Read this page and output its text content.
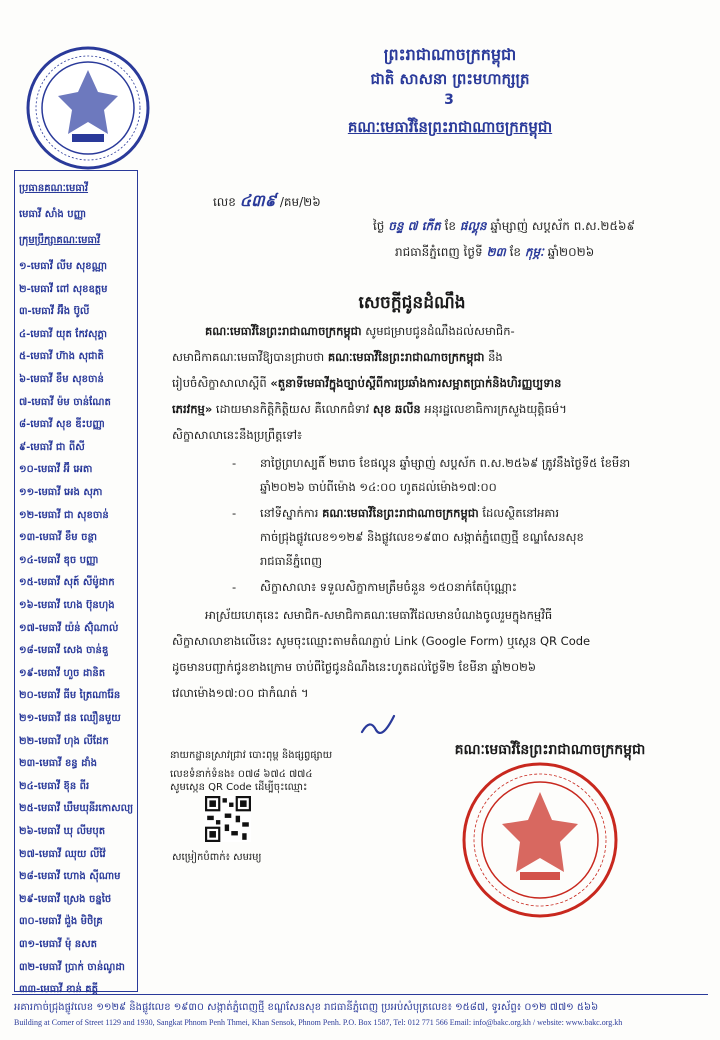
ព្រះរាជាណាចក្រកម្ពុជា
ជាតិ សាសនា ព្រះមហាក្សត្រ
3
គណៈមេធាវីនៃព្រះរាជាណាចក្រកម្ពុជា
ប្រធានគណៈមេធាវី
មេធាវី សាំង បញ្ញា
ក្រុមប្រឹក្សាគណៈមេធាវី
១-មេធាវី លីម សុខណ្ណា
២-មេធាវី ពៅ សុខឧត្តម
៣-មេធាវី អ៊ឹង ប៊ូលី
៤-មេធាវី យុត កែវសុភ្គា
៥-មេធាវី ហ៊ាង សុជាតិ
៦-មេធាវី ខឹម សុខចាន់
៧-មេធាវី ម៉ម ចាន់ណែត
៨-មេធាវី សុខ ឌីះបញ្ញា
៩-មេធាវី ជា ពីសី
១០-មេធាវី អ៊ី អេតា
១១-មេធាវី អេង សុភា
១២-មេធាវី ជា សុខចាន់
១៣-មេធាវី ខឹម ចន្ថា
១៤-មេធាវី ឌុច បញ្ញា
១៥-មេធាវី សុត៍ សីម៉ូដាក
១៦-មេធាវី ហេង ប៊ុនហុង
១៧-មេធាវី យ៉ន់ ស៊ុំណាល់
១៨-មេធាវី សេង ចាន់ឌួ
១៩-មេធាវី ហួច ដានិត
២០-មេធាវី ធីម ត្រៃណារ៉ែន
២១-មេធាវី ផន ឈឿនមួយ
២២-មេធាវី ហុង លីដែក
២៣-មេធាវី ខន្ធ ដាំង
២៤-មេធាវី ខ៊ុន ពីរ
២៥-មេធាវី ឃឹមឃុនីរកោសល្យ
២៦-មេធាវី ឃុ លីមបុត
២៧-មេធាវី ឈុយ លីវ៉ៃ
២៨-មេធាវី ហោង ស៊ីណាម
២៩-មេធាវី ស្រេង ចន្នថៃ
៣០-មេធាវី ជ៉ួង មិថិគ្រ
៣១-មេធាវី ម៉ុ នសត
៣២-មេធាវី ប្រាក់ ចាន់ណូដា
៣៣-មេធាវី ខាន់ គត្ដី
លេខ ៤៣៩ /គម/២៦
ថ្ងៃ ចន្ទ ៧ កើត ខែ ផល្គុន ឆ្នាំម្សាញ់ សប្តស័ក ព.ស.២៥៦៩
រាជធានីភ្នំពេញ ថ្ងៃទី ២៣ ខែ កុម្ភៈ ឆ្នាំ២០២៦
សេចក្ដីជូនដំណឹង
គណៈមេធាវីនៃព្រះរាជាណាចក្រកម្ពុជា សូមជម្រាបជូនដំណឹងដល់សមាជិក-
សមាជិកាគណៈមេធាវីឱ្យបានជ្រាបថា គណៈមេធាវីនៃព្រះរាជាណាចក្រកម្ពុជា នឹង
រៀបចំសិក្ខាសាលាស្ដីពី «តួនាទីមេធាវីក្នុងច្បាប់ស្ដីពីការប្រឆាំងការសម្អាតប្រាក់និងហិរញ្ញប្បទាន
ភេរវកម្ម» ដោយមានកិត្តិកិត្តិយស គឺលោកជំទាវ សុខ ឆលីន អនុរដ្ឋលេខាធិការក្រសួងយុត្តិធម៌។
សិក្ខាសាលានេះនឹងប្រព្រឹត្តទៅ៖
- នាថ្ងៃព្រហស្បតិ៍ ២រោច ខែផល្គុន ឆ្នាំម្សាញ់ សប្តស័ក ព.ស.២៥៦៩ ត្រូវនឹងថ្ងៃទី៥ ខែមីនា
ឆ្នាំ២០២៦ ចាប់ពីម៉ោង ១៤:០០ ហូតដល់ម៉ោង១៧:០០
- នៅទីស្នាក់ការ គណៈមេធាវីនៃព្រះរាជាណាចក្រកម្ពុជា ដែលស្ថិតនៅអគារ
កាច់ជ្រុងផ្លូវលេខ១១២៩ និងផ្លូវលេខ១៩៣០ សង្កាត់ភ្នំពេញថ្មី ខណ្ឌសែនសុខ
រាជធានីភ្នំពេញ
- សិក្ខាសាលា៖ ទទួលសិក្ខាកាមត្រឹមចំនួន ១៥០នាក់តែប៉ុណ្ណោះ
អាស្រ័យហេតុនេះ សមាជិក-សមាជិកាគណៈមេធាវីដែលមានបំណងចូលរួមក្នុងកម្មវិធី
សិក្ខាសាលាខាងលើនេះ សូមចុះឈ្មោះតាមតំណភ្ជាប់ Link (Google Form) ឬស្កេន QR Code
ដូចមានបញ្ជាក់ជូនខាងក្រោម ចាប់ពីថ្ងៃជូនដំណឹងនេះហូតដល់ថ្ងៃទី២ ខែមីនា ឆ្នាំ២០២៦
វេលាម៉ោង១៧:០០ ជាកំណត់ ។
នាយកដ្ឋានស្រាវជ្រាវ បោះពុម្ព និងផ្សព្វផ្សាយ
លេខទំនាក់ទំនង៖ ០៧៨ ៦៧៤ ៧៧៤
គណៈមេធាវីនៃព្រះរាជាណាចក្រកម្ពុជា
សូមស្កេន QR Code ដើម្បីចុះឈ្មោះ
សម្រៀកបំពាក់៖ សមរម្យ
អគារកាច់ជ្រុងផ្លូវលេខ ១១២៩ និងផ្លូវលេខ ១៩៣០ សង្កាត់ភ្នំពេញថ្មី ខណ្ឌសែនសុខ រាជធានីភ្នំពេញ ប្រអប់សំបុត្រលេខ៖ ១៥៨៧, ទូរស័ព្ទ៖ ០១២ ៧៧១ ៥៦៦
Building at Corner of Street 1129 and 1930, Sangkat Phnom Penh Thmei, Khan Sensok, Phnom Penh. P.O. Box 1587, Tel: 012 771 566 Email: info@bakc.org.kh / website: www.bakc.org.kh
